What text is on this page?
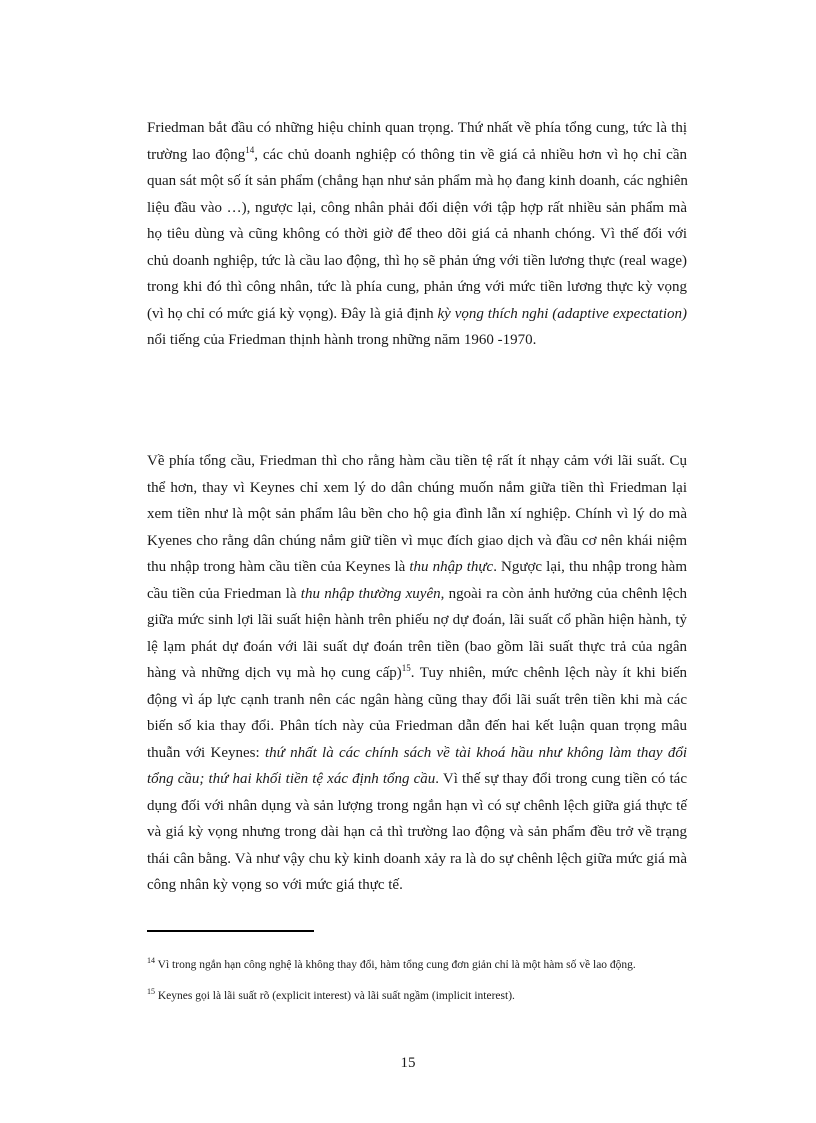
Friedman bắt đầu có những hiệu chỉnh quan trọng. Thứ nhất về phía tổng cung, tức là thị
trường lao động$^{14}$, các chủ doanh nghiệp có thông tin về giá cả nhiều hơn vì họ chỉ cần
quan sát một số ít sản phẩm (chẳng hạn như sản phẩm mà họ đang kinh doanh, các nghiên
liệu đầu vào …), ngược lại, công nhân phải đối diện với tập hợp rất nhiều sản phẩm mà
họ tiêu dùng và cũng không có thời giờ để theo dõi giá cả nhanh chóng. Vì thế đối với
chủ doanh nghiệp, tức là cầu lao động, thì họ sẽ phản ứng với tiền lương thực (real wage)
trong khi đó thì công nhân, tức là phía cung, phản ứng với mức tiền lương thực kỳ vọng
(vì họ chỉ có mức giá kỳ vọng). Đây là giả định kỳ vọng thích nghi (adaptive expectation)
nổi tiếng của Friedman thịnh hành trong những năm 1960 -1970.
Về phía tổng cầu, Friedman thì cho rằng hàm cầu tiền tệ rất ít nhạy cảm với lãi suất. Cụ
thể hơn, thay vì Keynes chỉ xem lý do dân chúng muốn nắm giữa tiền thì Friedman lại
xem tiền như là một sản phẩm lâu bền cho hộ gia đình lẫn xí nghiệp. Chính vì lý do mà
Kyenes cho rằng dân chúng nắm giữ tiền vì mục đích giao dịch và đầu cơ nên khái niệm
thu nhập trong hàm cầu tiền của Keynes là thu nhập thực. Ngược lại, thu nhập trong hàm
cầu tiền của Friedman là thu nhập thường xuyên, ngoài ra còn ảnh hưởng của chênh lệch
giữa mức sinh lợi lãi suất hiện hành trên phiếu nợ dự đoán, lãi suất cổ phần hiện hành, tỷ
lệ lạm phát dự đoán với lãi suất dự đoán trên tiền (bao gồm lãi suất thực trả của ngân
hàng và những dịch vụ mà họ cung cấp)$^{15}$. Tuy nhiên, mức chênh lệch này ít khi biến
động vì áp lực cạnh tranh nên các ngân hàng cũng thay đổi lãi suất trên tiền khi mà các
biến số kia thay đổi. Phân tích này của Friedman dẫn đến hai kết luận quan trọng mâu
thuẫn với Keynes: thứ nhất là các chính sách về tài khoá hầu như không làm thay đổi
tổng cầu; thứ hai khối tiền tệ xác định tổng cầu. Vì thế sự thay đổi trong cung tiền có tác
dụng đối với nhân dụng và sản lượng trong ngắn hạn vì có sự chênh lệch giữa giá thực tế
và giá kỳ vọng nhưng trong dài hạn cả thì trường lao động và sản phẩm đều trở về trạng
thái cân bằng. Và như vậy chu kỳ kinh doanh xảy ra là do sự chênh lệch giữa mức giá mà
công nhân kỳ vọng so với mức giá thực tế.

$^{14}$ Vì trong ngắn hạn công nghệ là không thay đổi, hàm tổng cung đơn giản chỉ là một hàm số về lao động.

$^{15}$ Keynes gọi là lãi suất rõ (explicit interest) và lãi suất ngầm (implicit interest).

15
